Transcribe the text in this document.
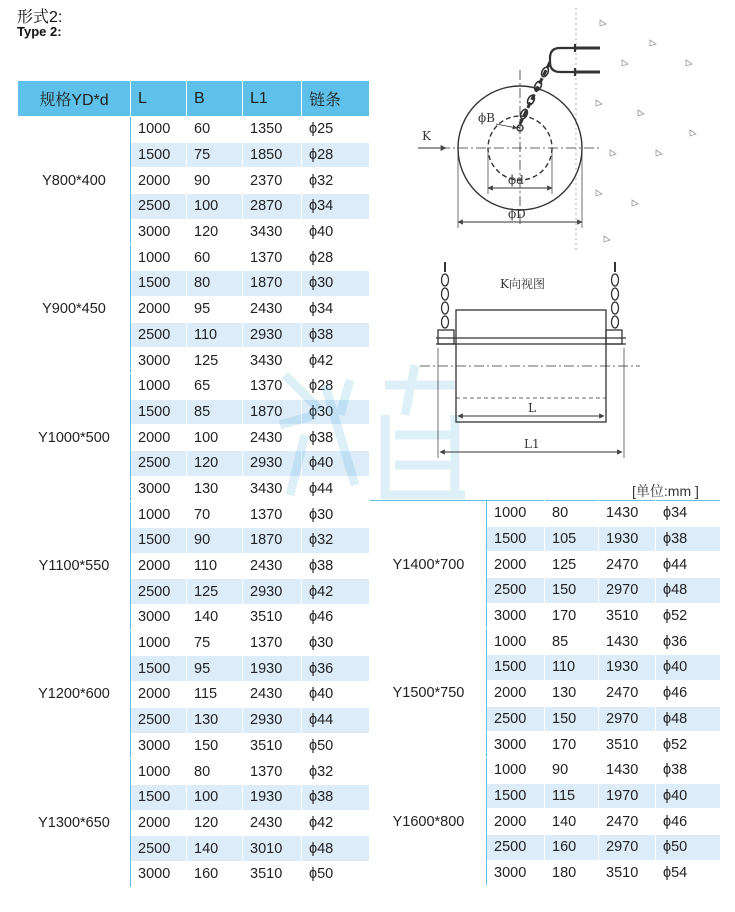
形式2:
Type 2:
规格YD*d	L	B	L1	链条
Y800*400	1000	60	1350	ϕ25
	1500	75	1850	ϕ28
	2000	90	2370	ϕ32
	2500	100	2870	ϕ34
	3000	120	3430	ϕ40
Y900*450	1000	60	1370	ϕ28
	1500	80	1870	ϕ30
	2000	95	2430	ϕ34
	2500	110	2930	ϕ38
	3000	125	3430	ϕ42
Y1000*500	1000	65	1370	ϕ28
	1500	85	1870	ϕ30
	2000	100	2430	ϕ38
	2500	120	2930	ϕ40
	3000	130	3430	ϕ44
Y1100*550	1000	70	1370	ϕ30
	1500	90	1870	ϕ32
	2000	110	2430	ϕ38
	2500	125	2930	ϕ42
	3000	140	3510	ϕ46
Y1200*600	1000	75	1370	ϕ30
	1500	95	1930	ϕ36
	2000	115	2430	ϕ40
	2500	130	2930	ϕ44
	3000	150	3510	ϕ50
Y1300*650	1000	80	1370	ϕ32
	1500	100	1930	ϕ38
	2000	120	2430	ϕ42
	2500	140	3010	ϕ48
	3000	160	3510	ϕ50
Y1400*700	1000	80	1430	ϕ34
	1500	105	1930	ϕ38
	2000	125	2470	ϕ44
	2500	150	2970	ϕ48
	3000	170	3510	ϕ52
Y1500*750	1000	85	1430	ϕ36
	1500	110	1930	ϕ40
	2000	130	2470	ϕ46
	2500	150	2970	ϕ48
	3000	170	3510	ϕ52
Y1600*800	1000	90	1430	ϕ38
	1500	115	1970	ϕ40
	2000	140	2470	ϕ46
	2500	160	2970	ϕ50
	3000	180	3510	ϕ54
[单位:mm ]
K
ϕB
ϕd
ϕD
K向视图
L
L1
